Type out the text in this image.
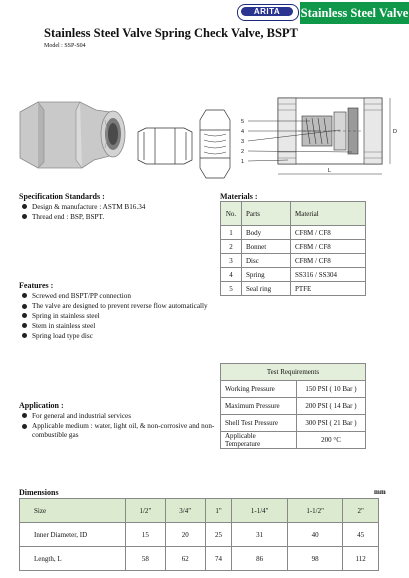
ARITA	Stainless Steel Valve
Stainless Steel Valve Spring Check Valve, BSPT
Model : SSP-S04
5
4
3
2
1
L
D
Specification Standards :
Design & manufacture : ASTM B16.34
Thread end : BSP, BSPT.
Materials :
No.	Parts	Material
1	Body	CF8M / CF8
2	Bonnet	CF8M / CF8
3	Disc	CF8M / CF8
4	Spring	SS316 / SS304
5	Seal ring	PTFE
Features :
Screwed end BSPT/PP connection
The valve are designed to prevent reverse flow automatically
Spring in stainless steel
Stem in stainless steel
Spring load type disc
Test Requirements	
Working Pressure	150 PSI ( 10 Bar )
Maximum Pressure	200 PSI ( 14 Bar )
Shell Test Pressure	300 PSI ( 21 Bar )
Applicable Temperature	200 °C
Application :
For general and industrial services
Applicable medium : water, light oil, & non-corrosive and non-combustible gas
Dimensions	mm
Size	1/2"	3/4"	1"	1-1/4"	1-1/2"	2"
Inner Diameter, ID	15	20	25	31	40	45
Length, L	58	62	74	86	98	112
